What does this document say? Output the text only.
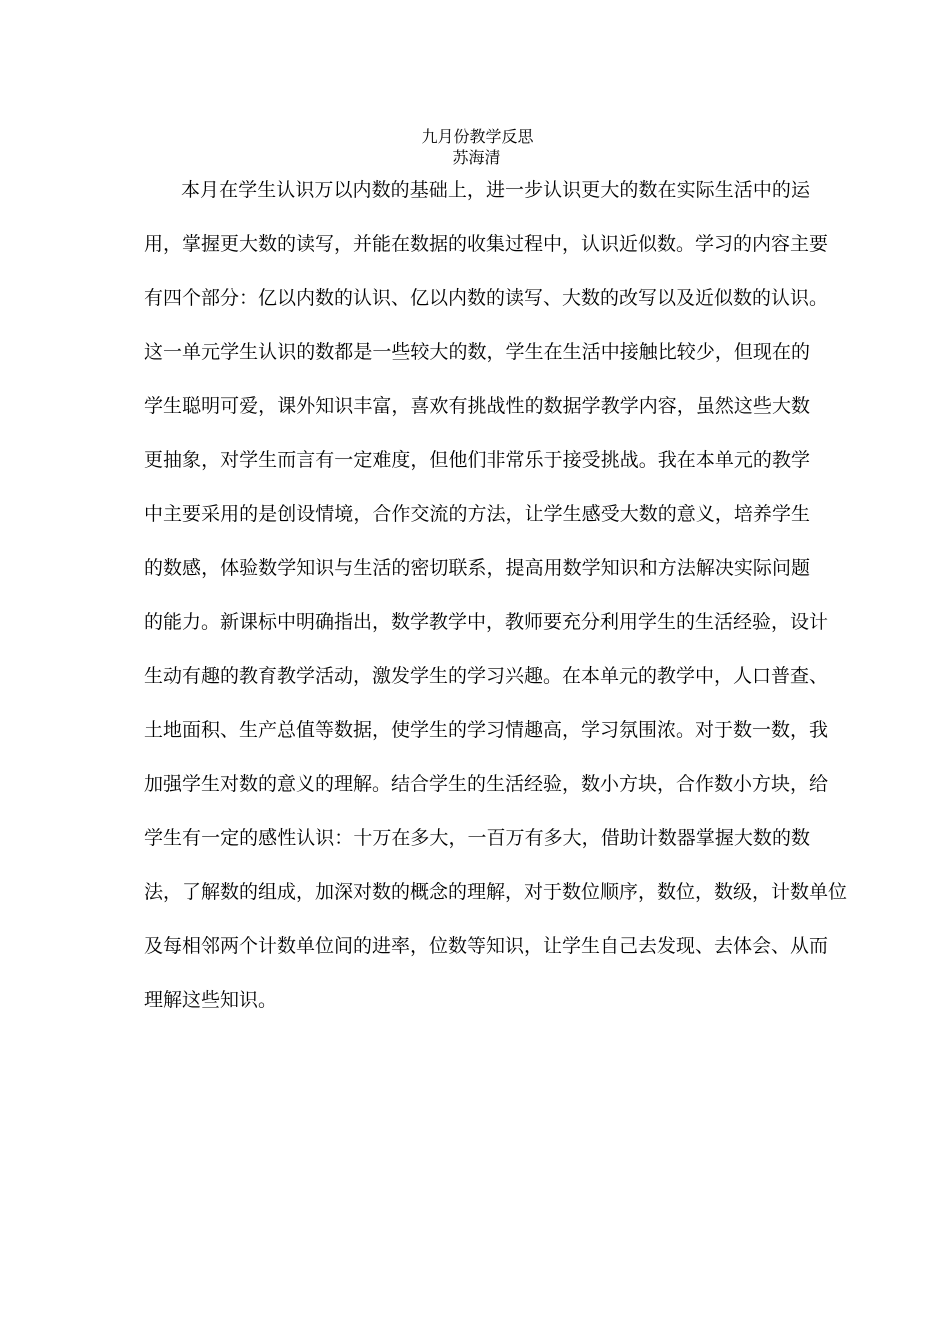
九月份教学反思
苏海清
本月在学生认识万以内数的基础上，进一步认识更大的数在实际生活中的运
用，掌握更大数的读写，并能在数据的收集过程中，认识近似数。学习的内容主要
有四个部分：亿以内数的认识、亿以内数的读写、大数的改写以及近似数的认识。
这一单元学生认识的数都是一些较大的数，学生在生活中接触比较少，但现在的
学生聪明可爱，课外知识丰富，喜欢有挑战性的数据学教学内容，虽然这些大数
更抽象，对学生而言有一定难度，但他们非常乐于接受挑战。我在本单元的教学
中主要采用的是创设情境，合作交流的方法，让学生感受大数的意义，培养学生
的数感，体验数学知识与生活的密切联系，提高用数学知识和方法解决实际问题
的能力。新课标中明确指出，数学教学中，教师要充分利用学生的生活经验，设计
生动有趣的教育教学活动，激发学生的学习兴趣。在本单元的教学中，人口普查、
土地面积、生产总值等数据，使学生的学习情趣高，学习氛围浓。对于数一数，我
加强学生对数的意义的理解。结合学生的生活经验，数小方块，合作数小方块，给
学生有一定的感性认识：十万在多大，一百万有多大，借助计数器掌握大数的数
法，了解数的组成，加深对数的概念的理解，对于数位顺序，数位，数级，计数单位
及每相邻两个计数单位间的进率，位数等知识，让学生自己去发现、去体会、从而
理解这些知识。
